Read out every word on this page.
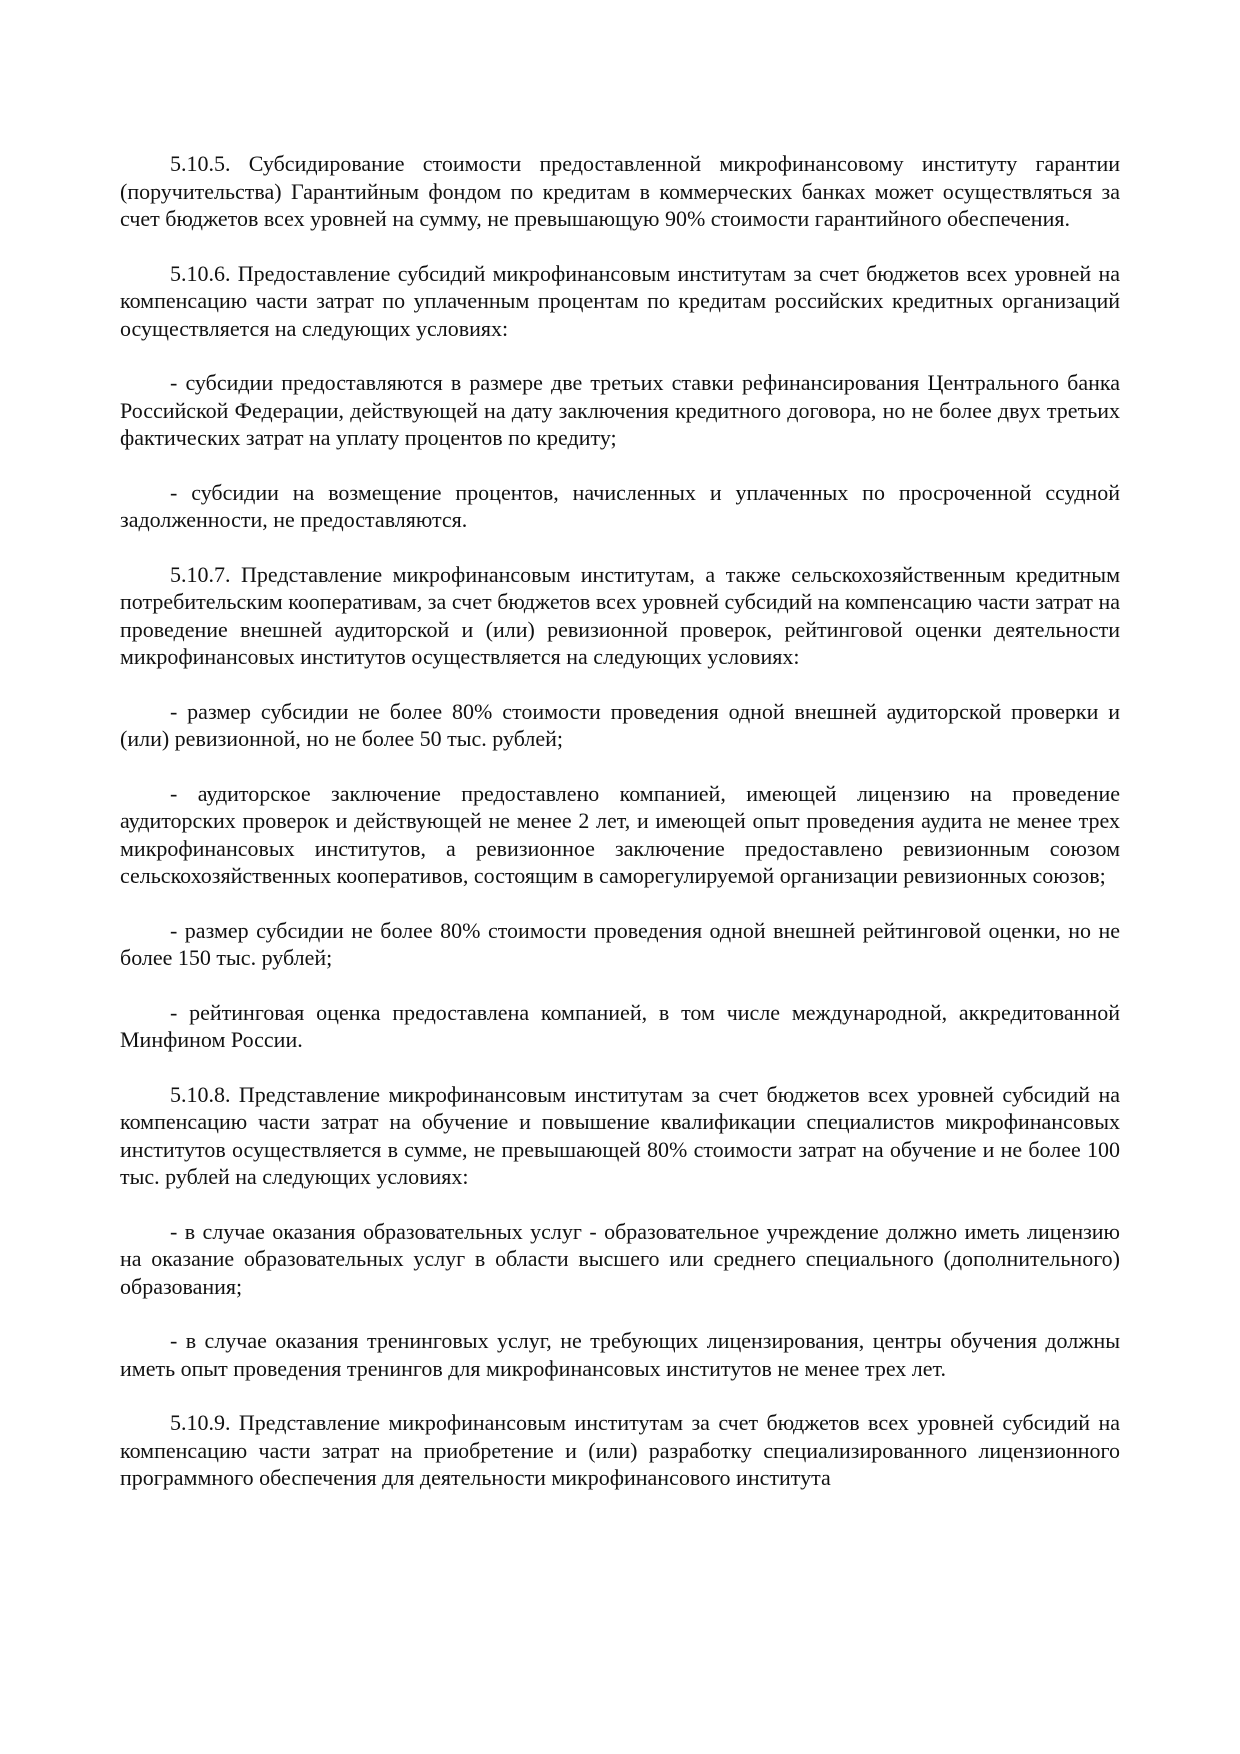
5.10.5. Субсидирование стоимости предоставленной микрофинансовому институту гарантии (поручительства) Гарантийным фондом по кредитам в коммерческих банках может осуществляться за счет бюджетов всех уровней на сумму, не превышающую 90% стоимости гарантийного обеспечения.

5.10.6. Предоставление субсидий микрофинансовым институтам за счет бюджетов всех уровней на компенсацию части затрат по уплаченным процентам по кредитам российских кредитных организаций осуществляется на следующих условиях:

- субсидии предоставляются в размере две третьих ставки рефинансирования Центрального банка Российской Федерации, действующей на дату заключения кредитного договора, но не более двух третьих фактических затрат на уплату процентов по кредиту;

- субсидии на возмещение процентов, начисленных и уплаченных по просроченной ссудной задолженности, не предоставляются.

5.10.7. Представление микрофинансовым институтам, а также сельскохозяйственным кредитным потребительским кооперативам, за счет бюджетов всех уровней субсидий на компенсацию части затрат на проведение внешней аудиторской и (или) ревизионной проверок, рейтинговой оценки деятельности микрофинансовых институтов осуществляется на следующих условиях:

- размер субсидии не более 80% стоимости проведения одной внешней аудиторской проверки и (или) ревизионной, но не более 50 тыс. рублей;

- аудиторское заключение предоставлено компанией, имеющей лицензию на проведение аудиторских проверок и действующей не менее 2 лет, и имеющей опыт проведения аудита не менее трех микрофинансовых институтов, а ревизионное заключение предоставлено ревизионным союзом сельскохозяйственных кооперативов, состоящим в саморегулируемой организации ревизионных союзов;

- размер субсидии не более 80% стоимости проведения одной внешней рейтинговой оценки, но не более 150 тыс. рублей;

- рейтинговая оценка предоставлена компанией, в том числе международной, аккредитованной Минфином России.

5.10.8. Представление микрофинансовым институтам за счет бюджетов всех уровней субсидий на компенсацию части затрат на обучение и повышение квалификации специалистов микрофинансовых институтов осуществляется в сумме, не превышающей 80% стоимости затрат на обучение и не более 100 тыс. рублей на следующих условиях:

- в случае оказания образовательных услуг - образовательное учреждение должно иметь лицензию на оказание образовательных услуг в области высшего или среднего специального (дополнительного) образования;

- в случае оказания тренинговых услуг, не требующих лицензирования, центры обучения должны иметь опыт проведения тренингов для микрофинансовых институтов не менее трех лет.

5.10.9. Представление микрофинансовым институтам за счет бюджетов всех уровней субсидий на компенсацию части затрат на приобретение и (или) разработку специализированного лицензионного программного обеспечения для деятельности микрофинансового института
